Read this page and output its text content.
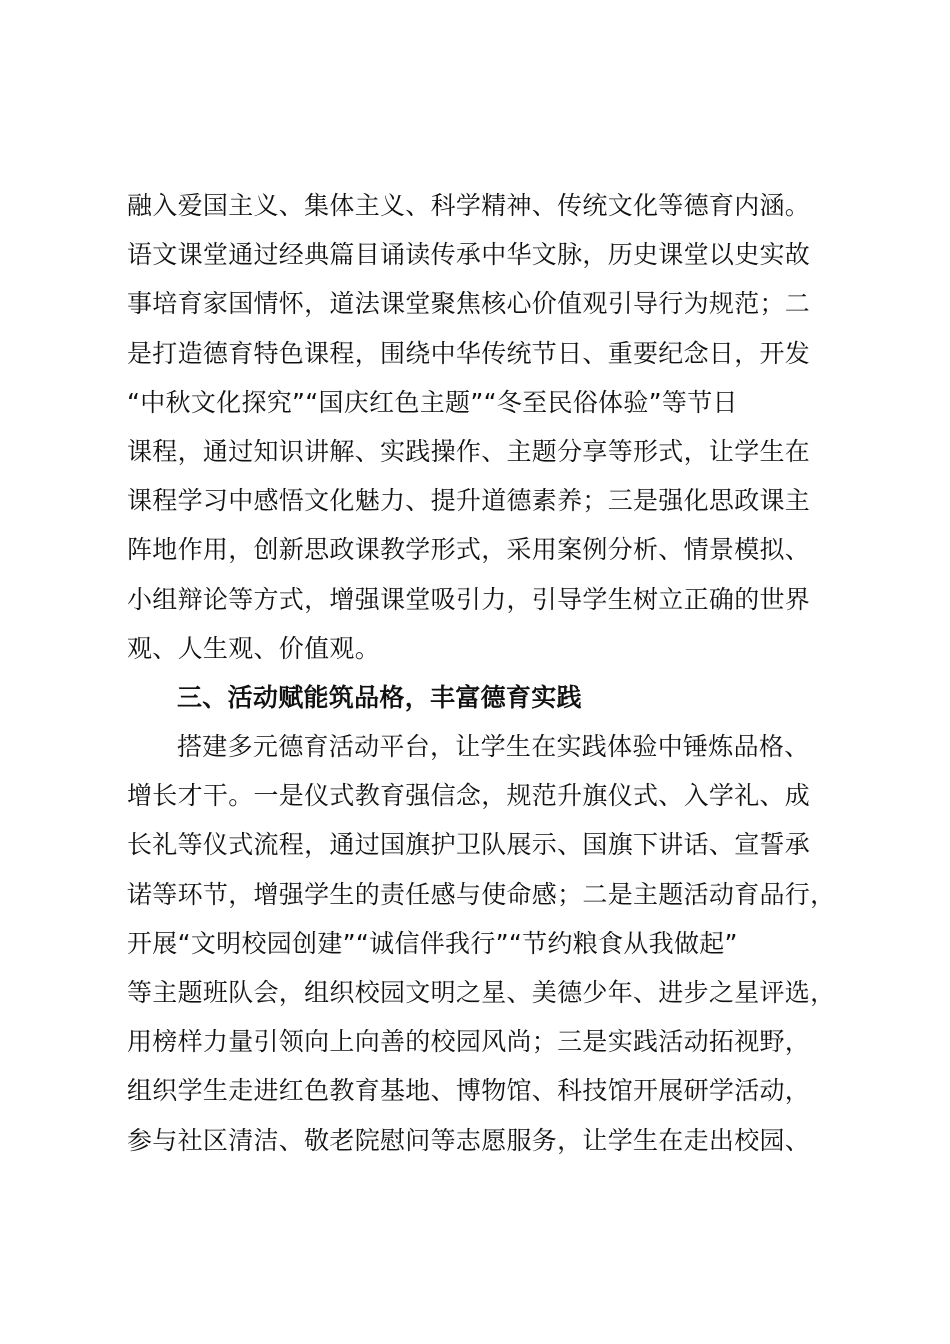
融入爱国主义、集体主义、科学精神、传统文化等德育内涵。
语文课堂通过经典篇目诵读传承中华文脉，历史课堂以史实故
事培育家国情怀，道法课堂聚焦核心价值观引导行为规范；二
是打造德育特色课程，围绕中华传统节日、重要纪念日，开发
“中秋文化探究”“国庆红色主题”“冬至民俗体验”等节日
课程，通过知识讲解、实践操作、主题分享等形式，让学生在
课程学习中感悟文化魅力、提升道德素养；三是强化思政课主
阵地作用，创新思政课教学形式，采用案例分析、情景模拟、
小组辩论等方式，增强课堂吸引力，引导学生树立正确的世界
观、人生观、价值观。
三、活动赋能筑品格，丰富德育实践
搭建多元德育活动平台，让学生在实践体验中锤炼品格、
增长才干。一是仪式教育强信念，规范升旗仪式、入学礼、成
长礼等仪式流程，通过国旗护卫队展示、国旗下讲话、宣誓承
诺等环节，增强学生的责任感与使命感；二是主题活动育品行，
开展“文明校园创建”“诚信伴我行”“节约粮食从我做起”
等主题班队会，组织校园文明之星、美德少年、进步之星评选，
用榜样力量引领向上向善的校园风尚；三是实践活动拓视野，
组织学生走进红色教育基地、博物馆、科技馆开展研学活动，
参与社区清洁、敬老院慰问等志愿服务，让学生在走出校园、
